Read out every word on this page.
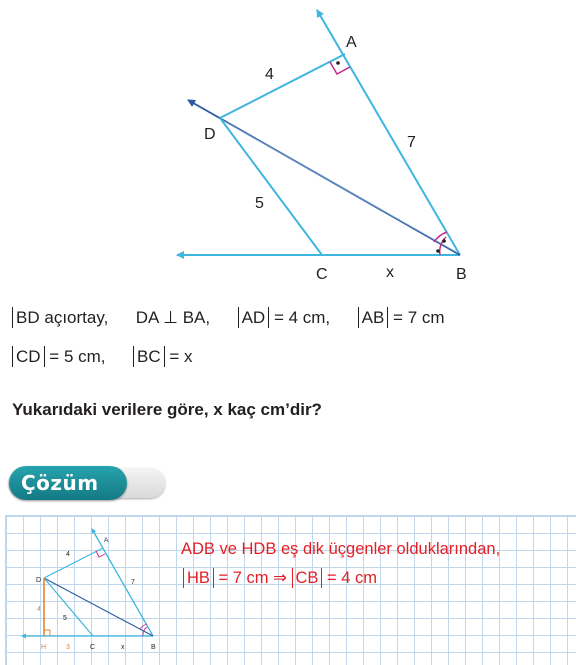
A
D
C	B
4
7
5
x
BD açıortay, DA ⊥ BA, AD = 4 cm, AB = 7 cm
CD = 5 cm, BC = x
Yukarıdaki verilere göre, x kaç cm’dir?
Çözüm
A
D
H	C	B
4
7
5
4
3	x
ADB ve HDB eş dik üçgenler olduklarından,
HB = 7 cm ⇒ CB = 4 cm
